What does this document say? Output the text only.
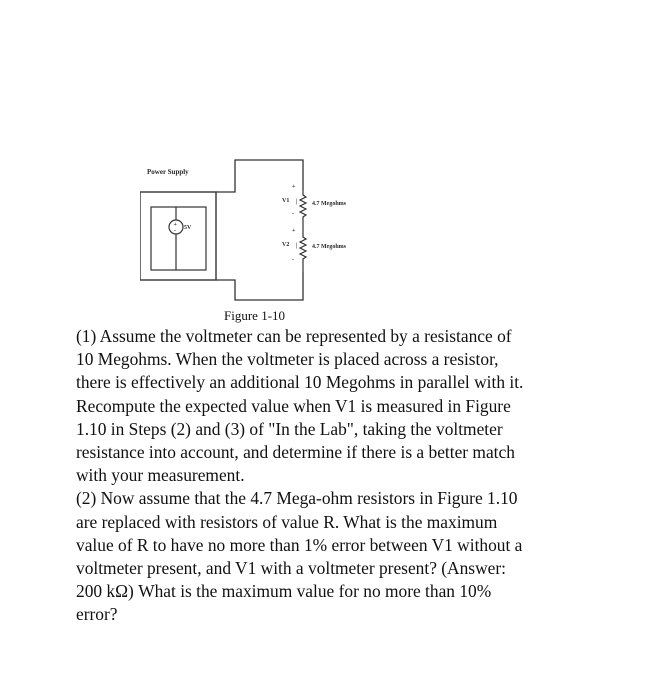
Power Supply
+
- 5V
4.7 Megohms
4.7 Megohms
+
V1
-
|
+
V2
-
|
Figure 1-10
(1) Assume the voltmeter can be represented by a resistance of
10 Megohms. When the voltmeter is placed across a resistor,
there is effectively an additional 10 Megohms in parallel with it.
Recompute the expected value when V1 is measured in Figure
1.10 in Steps (2) and (3) of "In the Lab", taking the voltmeter
resistance into account, and determine if there is a better match
with your measurement.
(2) Now assume that the 4.7 Mega-ohm resistors in Figure 1.10
are replaced with resistors of value R. What is the maximum
value of R to have no more than 1% error between V1 without a
voltmeter present, and V1 with a voltmeter present? (Answer:
200 kΩ) What is the maximum value for no more than 10%
error?
